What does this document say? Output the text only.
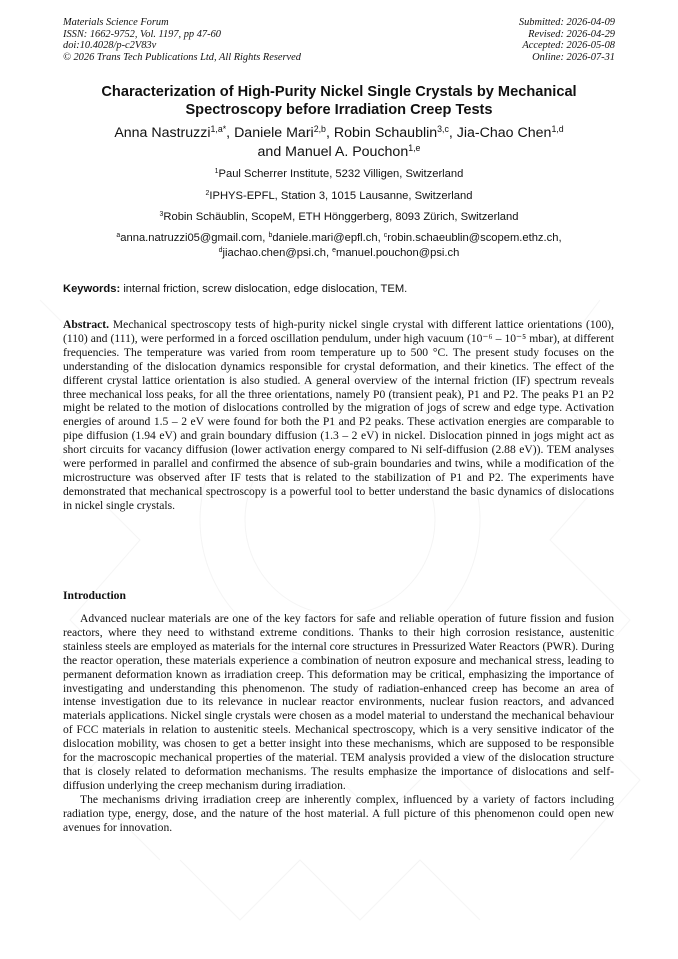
Materials Science Forum
ISSN: 1662-9752, Vol. 1197, pp 47-60
doi:10.4028/p-c2V83v
© 2026 Trans Tech Publications Ltd, All Rights Reserved
Submitted: 2026-04-09
Revised: 2026-04-29
Accepted: 2026-05-08
Online: 2026-07-31
Characterization of High-Purity Nickel Single Crystals by Mechanical
Spectroscopy before Irradiation Creep Tests
Anna Nastruzzi$^{1,a*}$, Daniele Mari$^{2,b}$, Robin Schaublin$^{3,c}$, Jia-Chao Chen$^{1,d}$
and Manuel A. Pouchon$^{1,e}$
$^1$Paul Scherrer Institute, 5232 Villigen, Switzerland
$^2$IPHYS-EPFL, Station 3, 1015 Lausanne, Switzerland
$^3$Robin Schäublin, ScopeM, ETH Hönggerberg, 8093 Zürich, Switzerland
$^a$anna.natruzzi05@gmail.com, $^b$daniele.mari@epfl.ch, $^c$robin.schaeublin@scopem.ethz.ch,
$^d$jiachao.chen@psi.ch, $^e$manuel.pouchon@psi.ch
Keywords: internal friction, screw dislocation, edge dislocation, TEM.
Abstract. Mechanical spectroscopy tests of high-purity nickel single crystal with different lattice orientations (100), (110) and (111), were performed in a forced oscillation pendulum, under high vacuum (10⁻⁶ – 10⁻⁵ mbar), at different frequencies. The temperature was varied from room temperature up to 500 °C. The present study focuses on the understanding of the dislocation dynamics responsible for crystal deformation, and their kinetics. The effect of the different crystal lattice orientation is also studied. A general overview of the internal friction (IF) spectrum reveals three mechanical loss peaks, for all the three orientations, namely P0 (transient peak), P1 and P2. The peaks P1 an P2 might be related to the motion of dislocations controlled by the migration of jogs of screw and edge type. Activation energies of around 1.5 – 2 eV were found for both the P1 and P2 peaks. These activation energies are comparable to pipe diffusion (1.94 eV) and grain boundary diffusion (1.3 – 2 eV) in nickel. Dislocation pinned in jogs might act as short circuits for vacancy diffusion (lower activation energy compared to Ni self-diffusion (2.88 eV)). TEM analyses were performed in parallel and confirmed the absence of sub-grain boundaries and twins, while a modification of the microstructure was observed after IF tests that is related to the stabilization of P1 and P2. The experiments have demonstrated that mechanical spectroscopy is a powerful tool to better understand the basic dynamics of dislocations in nickel single crystals.
Introduction

Advanced nuclear materials are one of the key factors for safe and reliable operation of future fission and fusion reactors, where they need to withstand extreme conditions. Thanks to their high corrosion resistance, austenitic stainless steels are employed as materials for the internal core structures in Pressurized Water Reactors (PWR). During the reactor operation, these materials experience a combination of neutron exposure and mechanical stress, leading to permanent deformation known as irradiation creep. This deformation may be critical, emphasizing the importance of investigating and understanding this phenomenon. The study of radiation-enhanced creep has become an area of intense investigation due to its relevance in nuclear reactor environments, nuclear fusion reactors, and advanced materials applications. Nickel single crystals were chosen as a model material to understand the mechanical behaviour of FCC materials in relation to austenitic steels. Mechanical spectroscopy, which is a very sensitive indicator of the dislocation mobility, was chosen to get a better insight into these mechanisms, which are supposed to be responsible for the macroscopic mechanical properties of the material. TEM analysis provided a view of the dislocation structure that is closely related to deformation mechanisms. The results emphasize the importance of dislocations and self-diffusion underlying the creep mechanism during irradiation.

The mechanisms driving irradiation creep are inherently complex, influenced by a variety of factors including radiation type, energy, dose, and the nature of the host material. A full picture of this phenomenon could open new avenues for innovation.
